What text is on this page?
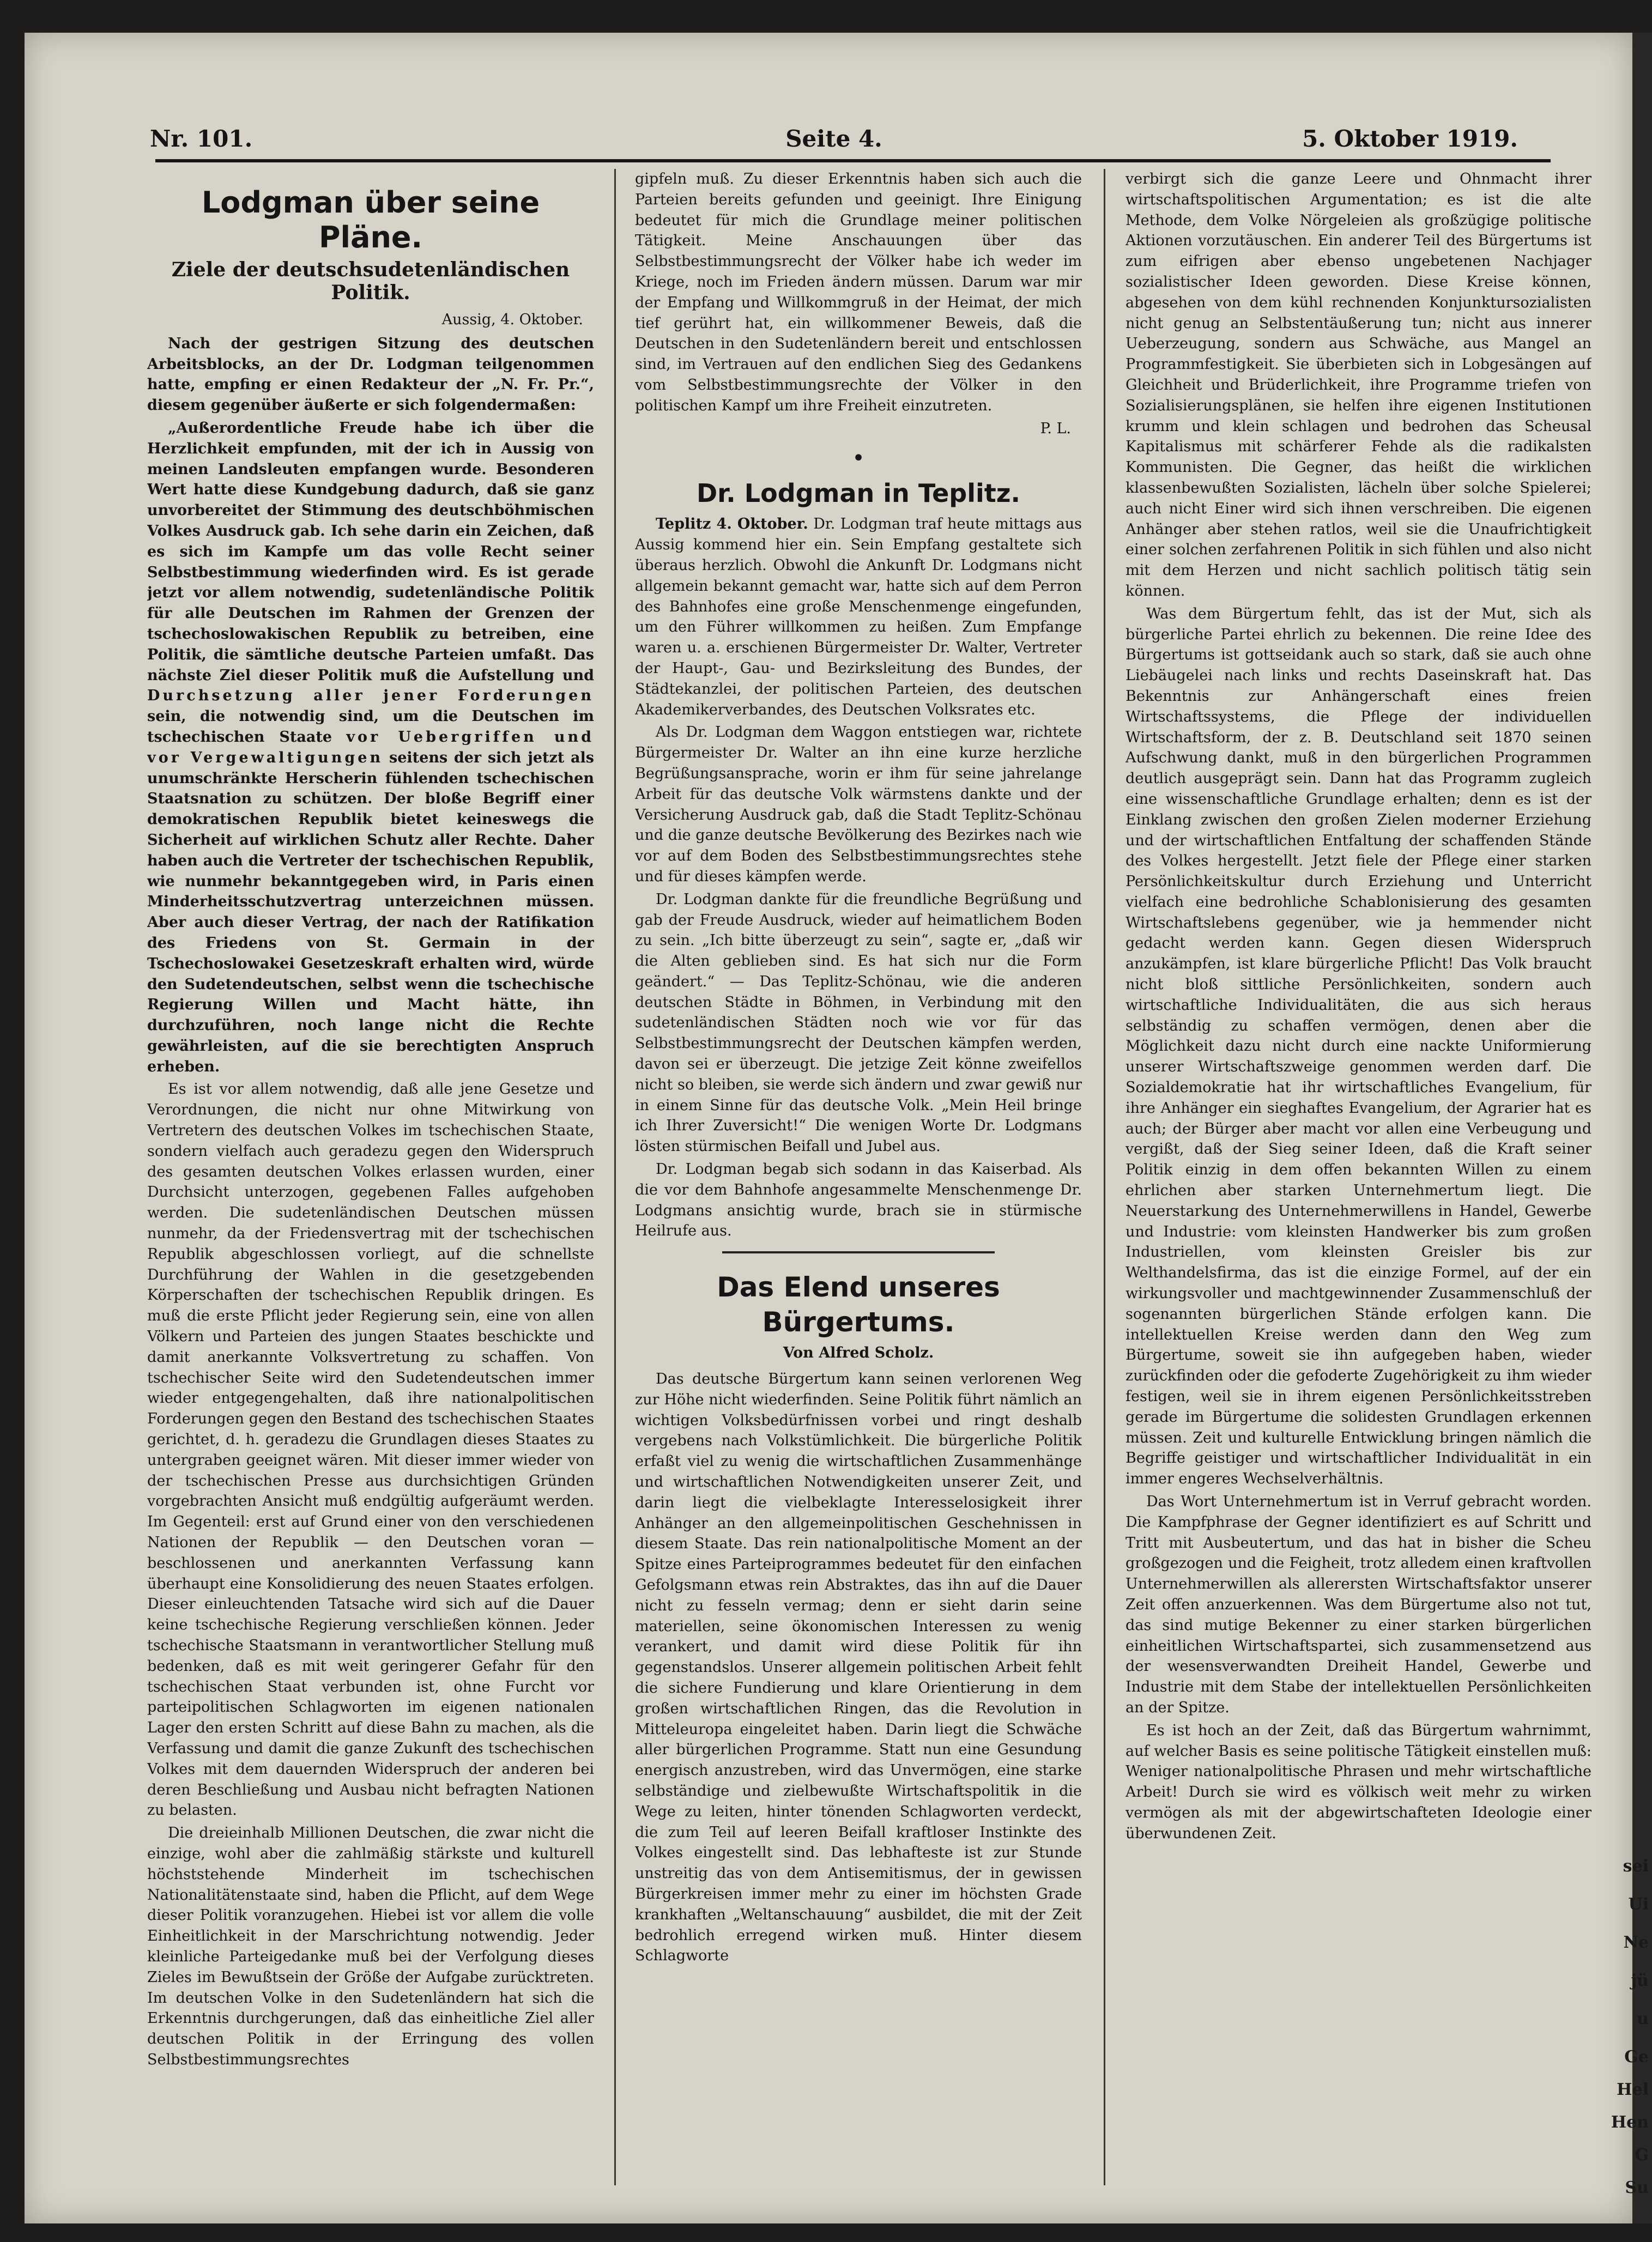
Nr. 101.	Seite 4.	5. Oktober 1919.
Lodgman über seine Pläne.
Ziele der deutschsudetenländischen Politik.
Aussig, 4. Oktober.

Nach der gestrigen Sitzung des deutschen Arbeitsblocks, an der Dr. Lodgman teilgenommen hatte, empfing er einen Redakteur der „N. Fr. Pr.“, diesem gegenüber äußerte er sich folgendermaßen:

„Außerordentliche Freude habe ich über die Herzlichkeit empfunden, mit der ich in Aussig von meinen Landsleuten empfangen wurde. Besonderen Wert hatte diese Kundgebung dadurch, daß sie ganz unvorbereitet der Stimmung des deutschböhmischen Volkes Ausdruck gab. Ich sehe darin ein Zeichen, daß es sich im Kampfe um das volle Recht seiner Selbstbestimmung wiederfinden wird. Es ist gerade jetzt vor allem notwendig, sudetenländische Politik für alle Deutschen im Rahmen der Grenzen der tschechoslowakischen Republik zu betreiben, eine Politik, die sämtliche deutsche Parteien umfaßt. Das nächste Ziel dieser Politik muß die Aufstellung und Durchsetzung aller jener Forderungen sein, die notwendig sind, um die Deutschen im tschechischen Staate vor Uebergriffen und vor Vergewaltigungen seitens der sich jetzt als unumschränkte Herscherin fühlenden tschechischen Staatsnation zu schützen. Der bloße Begriff einer demokratischen Republik bietet keineswegs die Sicherheit auf wirklichen Schutz aller Rechte. Daher haben auch die Vertreter der tschechischen Republik, wie nunmehr bekanntgegeben wird, in Paris einen Minderheitsschutzvertrag unterzeichnen müssen. Aber auch dieser Vertrag, der nach der Ratifikation des Friedens von St. Germain in der Tschechoslowakei Gesetzeskraft erhalten wird, würde den Sudetendeutschen, selbst wenn die tschechische Regierung Willen und Macht hätte, ihn durchzuführen, noch lange nicht die Rechte gewährleisten, auf die sie berechtigten Anspruch erheben.

Es ist vor allem notwendig, daß alle jene Gesetze und Verordnungen, die nicht nur ohne Mitwirkung von Vertretern des deutschen Volkes im tschechischen Staate, sondern vielfach auch geradezu gegen den Widerspruch des gesamten deutschen Volkes erlassen wurden, einer Durchsicht unterzogen, gegebenen Falles aufgehoben werden. Die sudetenländischen Deutschen müssen nunmehr, da der Friedensvertrag mit der tschechischen Republik abgeschlossen vorliegt, auf die schnellste Durchführung der Wahlen in die gesetzgebenden Körperschaften der tschechischen Republik dringen. Es muß die erste Pflicht jeder Regierung sein, eine von allen Völkern und Parteien des jungen Staates beschickte und damit anerkannte Volksvertretung zu schaffen. Von tschechischer Seite wird den Sudetendeutschen immer wieder entgegengehalten, daß ihre nationalpolitischen Forderungen gegen den Bestand des tschechischen Staates gerichtet, d. h. geradezu die Grundlagen dieses Staates zu untergraben geeignet wären. Mit dieser immer wieder von der tschechischen Presse aus durchsichtigen Gründen vorgebrachten Ansicht muß endgültig aufgeräumt werden. Im Gegenteil: erst auf Grund einer von den verschiedenen Nationen der Republik — den Deutschen voran — beschlossenen und anerkannten Verfassung kann überhaupt eine Konsolidierung des neuen Staates erfolgen. Dieser einleuchtenden Tatsache wird sich auf die Dauer keine tschechische Regierung verschließen können. Jeder tschechische Staatsmann in verantwortlicher Stellung muß bedenken, daß es mit weit geringerer Gefahr für den tschechischen Staat verbunden ist, ohne Furcht vor parteipolitischen Schlagworten im eigenen nationalen Lager den ersten Schritt auf diese Bahn zu machen, als die Verfassung und damit die ganze Zukunft des tschechischen Volkes mit dem dauernden Widerspruch der anderen bei deren Beschließung und Ausbau nicht befragten Nationen zu belasten.

Die dreieinhalb Millionen Deutschen, die zwar nicht die einzige, wohl aber die zahlmäßig stärkste und kulturell höchststehende Minderheit im tschechischen Nationalitätenstaate sind, haben die Pflicht, auf dem Wege dieser Politik voranzugehen. Hiebei ist vor allem die volle Einheitlichkeit in der Marschrichtung notwendig. Jeder kleinliche Parteigedanke muß bei der Verfolgung dieses Zieles im Bewußtsein der Größe der Aufgabe zurücktreten. Im deutschen Volke in den Sudetenländern hat sich die Erkenntnis durchgerungen, daß das einheitliche Ziel aller deutschen Politik in der Erringung des vollen Selbstbestimmungsrechtes

gipfeln muß. Zu dieser Erkenntnis haben sich auch die Parteien bereits gefunden und geeinigt. Ihre Einigung bedeutet für mich die Grundlage meiner politischen Tätigkeit. Meine Anschauungen über das Selbstbestimmungsrecht der Völker habe ich weder im Kriege, noch im Frieden ändern müssen. Darum war mir der Empfang und Willkommgruß in der Heimat, der mich tief gerührt hat, ein willkommener Beweis, daß die Deutschen in den Sudetenländern bereit und entschlossen sind, im Vertrauen auf den endlichen Sieg des Gedankens vom Selbstbestimmungsrechte der Völker in den politischen Kampf um ihre Freiheit einzutreten.

P. L.
•
Dr. Lodgman in Teplitz.

Teplitz 4. Oktober. Dr. Lodgman traf heute mittags aus Aussig kommend hier ein. Sein Empfang gestaltete sich überaus herzlich. Obwohl die Ankunft Dr. Lodgmans nicht allgemein bekannt gemacht war, hatte sich auf dem Perron des Bahnhofes eine große Menschenmenge eingefunden, um den Führer willkommen zu heißen. Zum Empfange waren u. a. erschienen Bürgermeister Dr. Walter, Vertreter der Haupt-, Gau- und Bezirksleitung des Bundes, der Städtekanzlei, der politischen Parteien, des deutschen Akademikerverbandes, des Deutschen Volksrates etc.

Als Dr. Lodgman dem Waggon entstiegen war, richtete Bürgermeister Dr. Walter an ihn eine kurze herzliche Begrüßungsansprache, worin er ihm für seine jahrelange Arbeit für das deutsche Volk wärmstens dankte und der Versicherung Ausdruck gab, daß die Stadt Teplitz-Schönau und die ganze deutsche Bevölkerung des Bezirkes nach wie vor auf dem Boden des Selbstbestimmungsrechtes stehe und für dieses kämpfen werde.

Dr. Lodgman dankte für die freundliche Begrüßung und gab der Freude Ausdruck, wieder auf heimatlichem Boden zu sein. „Ich bitte überzeugt zu sein“, sagte er, „daß wir die Alten geblieben sind. Es hat sich nur die Form geändert.“ — Das Teplitz-Schönau, wie die anderen deutschen Städte in Böhmen, in Verbindung mit den sudetenländischen Städten noch wie vor für das Selbstbestimmungsrecht der Deutschen kämpfen werden, davon sei er überzeugt. Die jetzige Zeit könne zweifellos nicht so bleiben, sie werde sich ändern und zwar gewiß nur in einem Sinne für das deutsche Volk. „Mein Heil bringe ich Ihrer Zuversicht!“ Die wenigen Worte Dr. Lodgmans lösten stürmischen Beifall und Jubel aus.

Dr. Lodgman begab sich sodann in das Kaiserbad. Als die vor dem Bahnhofe angesammelte Menschenmenge Dr. Lodgmans ansichtig wurde, brach sie in stürmische Heilrufe aus.

Das Elend unseres Bürgertums.
Von Alfred Scholz.

Das deutsche Bürgertum kann seinen verlorenen Weg zur Höhe nicht wiederfinden. Seine Politik führt nämlich an wichtigen Volksbedürfnissen vorbei und ringt deshalb vergebens nach Volkstümlichkeit. Die bürgerliche Politik erfaßt viel zu wenig die wirtschaftlichen Zusammenhänge und wirtschaftlichen Notwendigkeiten unserer Zeit, und darin liegt die vielbeklagte Interesselosigkeit ihrer Anhänger an den allgemeinpolitischen Geschehnissen in diesem Staate. Das rein nationalpolitische Moment an der Spitze eines Parteiprogrammes bedeutet für den einfachen Gefolgsmann etwas rein Abstraktes, das ihn auf die Dauer nicht zu fesseln vermag; denn er sieht darin seine materiellen, seine ökonomischen Interessen zu wenig verankert, und damit wird diese Politik für ihn gegenstandslos. Unserer allgemein politischen Arbeit fehlt die sichere Fundierung und klare Orientierung in dem großen wirtschaftlichen Ringen, das die Revolution in Mitteleuropa eingeleitet haben. Darin liegt die Schwäche aller bürgerlichen Programme. Statt nun eine Gesundung energisch anzustreben, wird das Unvermögen, eine starke selbständige und zielbewußte Wirtschaftspolitik in die Wege zu leiten, hinter tönenden Schlagworten verdeckt, die zum Teil auf leeren Beifall kraftloser Instinkte des Volkes eingestellt sind. Das lebhafteste ist zur Stunde unstreitig das von dem Antisemitismus, der in gewissen Bürgerkreisen immer mehr zu einer im höchsten Grade krankhaften „Weltanschauung“ ausbildet, die mit der Zeit bedrohlich erregend wirken muß. Hinter diesem Schlagworte

verbirgt sich die ganze Leere und Ohnmacht ihrer wirtschaftspolitischen Argumentation; es ist die alte Methode, dem Volke Nörgeleien als großzügige politische Aktionen vorzutäuschen. Ein anderer Teil des Bürgertums ist zum eifrigen aber ebenso ungebetenen Nachjager sozialistischer Ideen geworden. Diese Kreise können, abgesehen von dem kühl rechnenden Konjunktursozialisten nicht genug an Selbstentäußerung tun; nicht aus innerer Ueberzeugung, sondern aus Schwäche, aus Mangel an Programmfestigkeit. Sie überbieten sich in Lobgesängen auf Gleichheit und Brüderlichkeit, ihre Programme triefen von Sozialisierungsplänen, sie helfen ihre eigenen Institutionen krumm und klein schlagen und bedrohen das Scheusal Kapitalismus mit schärferer Fehde als die radikalsten Kommunisten. Die Gegner, das heißt die wirklichen klassenbewußten Sozialisten, lächeln über solche Spielerei; auch nicht Einer wird sich ihnen verschreiben. Die eigenen Anhänger aber stehen ratlos, weil sie die Unaufrichtigkeit einer solchen zerfahrenen Politik in sich fühlen und also nicht mit dem Herzen und nicht sachlich politisch tätig sein können.

Was dem Bürgertum fehlt, das ist der Mut, sich als bürgerliche Partei ehrlich zu bekennen. Die reine Idee des Bürgertums ist gottseidank auch so stark, daß sie auch ohne Liebäugelei nach links und rechts Daseinskraft hat. Das Bekenntnis zur Anhängerschaft eines freien Wirtschaftssystems, die Pflege der individuellen Wirtschaftsform, der z. B. Deutschland seit 1870 seinen Aufschwung dankt, muß in den bürgerlichen Programmen deutlich ausgeprägt sein. Dann hat das Programm zugleich eine wissenschaftliche Grundlage erhalten; denn es ist der Einklang zwischen den großen Zielen moderner Erziehung und der wirtschaftlichen Entfaltung der schaffenden Stände des Volkes hergestellt. Jetzt fiele der Pflege einer starken Persönlichkeitskultur durch Erziehung und Unterricht vielfach eine bedrohliche Schablonisierung des gesamten Wirtschaftslebens gegenüber, wie ja hemmender nicht gedacht werden kann. Gegen diesen Widerspruch anzukämpfen, ist klare bürgerliche Pflicht! Das Volk braucht nicht bloß sittliche Persönlichkeiten, sondern auch wirtschaftliche Individualitäten, die aus sich heraus selbständig zu schaffen vermögen, denen aber die Möglichkeit dazu nicht durch eine nackte Uniformierung unserer Wirtschaftszweige genommen werden darf. Die Sozialdemokratie hat ihr wirtschaftliches Evangelium, für ihre Anhänger ein sieghaftes Evangelium, der Agrarier hat es auch; der Bürger aber macht vor allen eine Verbeugung und vergißt, daß der Sieg seiner Ideen, daß die Kraft seiner Politik einzig in dem offen bekannten Willen zu einem ehrlichen aber starken Unternehmertum liegt. Die Neuerstarkung des Unternehmerwillens in Handel, Gewerbe und Industrie: vom kleinsten Handwerker bis zum großen Industriellen, vom kleinsten Greisler bis zur Welthandelsfirma, das ist die einzige Formel, auf der ein wirkungsvoller und machtgewinnender Zusammenschluß der sogenannten bürgerlichen Stände erfolgen kann. Die intellektuellen Kreise werden dann den Weg zum Bürgertume, soweit sie ihn aufgegeben haben, wieder zurückfinden oder die gefoderte Zugehörigkeit zu ihm wieder festigen, weil sie in ihrem eigenen Persönlichkeitsstreben gerade im Bürgertume die solidesten Grundlagen erkennen müssen. Zeit und kulturelle Entwicklung bringen nämlich die Begriffe geistiger und wirtschaftlicher Individualität in ein immer engeres Wechselverhältnis.

Das Wort Unternehmertum ist in Verruf gebracht worden. Die Kampfphrase der Gegner identifiziert es auf Schritt und Tritt mit Ausbeutertum, und das hat in bisher die Scheu großgezogen und die Feigheit, trotz alledem einen kraftvollen Unternehmerwillen als allerersten Wirtschaftsfaktor unserer Zeit offen anzuerkennen. Was dem Bürgertume also not tut, das sind mutige Bekenner zu einer starken bürgerlichen einheitlichen Wirtschaftspartei, sich zusammensetzend aus der wesensverwandten Dreiheit Handel, Gewerbe und Industrie mit dem Stabe der intellektuellen Persönlichkeiten an der Spitze.

Es ist hoch an der Zeit, daß das Bürgertum wahrnimmt, auf welcher Basis es seine politische Tätigkeit einstellen muß: Weniger nationalpolitische Phrasen und mehr wirtschaftliche Arbeit! Durch sie wird es völkisch weit mehr zu wirken vermögen als mit der abgewirtschafteten Ideologie einer überwundenen Zeit.

sei
Ui
Ne
jü
u
Ge
Hel
Hen
G
Su
